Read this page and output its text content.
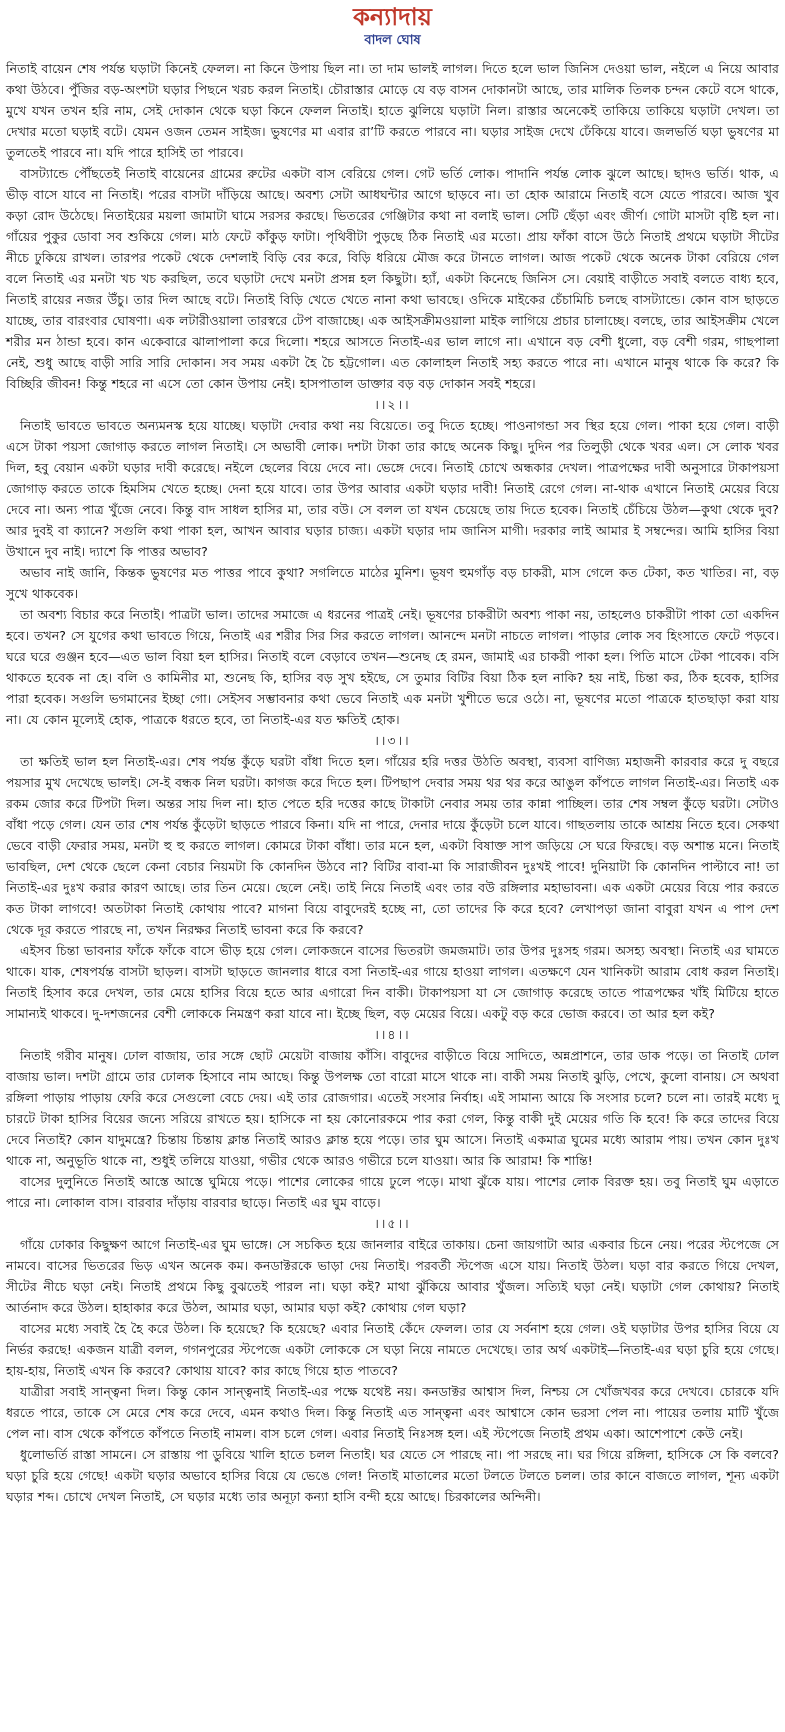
কন্যাদায়
বাদল ঘোষ

নিতাই বায়েন শেষ পর্যন্ত ঘড়াটা কিনেই ফেলল। না কিনে উপায় ছিল না। তা দাম ভালই লাগল। দিতে হলে ভাল জিনিস দেওয়া ভাল, নইলে এ নিয়ে আবার কথা উঠবে। পুঁজির বড়-অংশটা ঘড়ার পিছনে খরচ করল নিতাই। চৌরাস্তার মোড়ে যে বড় বাসন দোকানটা আছে, তার মালিক তিলক চন্দন কেটে বসে থাকে, মুখে যখন তখন হরি নাম, সেই দোকান থেকে ঘড়া কিনে ফেলল নিতাই। হাতে ঝুলিয়ে ঘড়াটা নিল। রাস্তার অনেকেই তাকিয়ে তাকিয়ে ঘড়াটা দেখল। তা দেখার মতো ঘড়াই বটে। যেমন ওজন তেমন সাইজ। ভুষণের মা এবার রা’টি করতে পারবে না। ঘড়ার সাইজ দেখে ঢেঁকিয়ে যাবে। জলভর্তি ঘড়া ভুষণের মা তুলতেই পারবে না। যদি পারে হাসিই তা পারবে।

বাসট্যান্ডে পৌঁছতেই নিতাই বায়েনের গ্রামের রুটের একটা বাস বেরিয়ে গেল। গেট ভর্তি লোক। পাদানি পর্যন্ত লোক ঝুলে আছে। ছাদও ভর্তি। থাক, এ ভীড় বাসে যাবে না নিতাই। পরের বাসটা দাঁড়িয়ে আছে। অবশ্য সেটা আধঘন্টার আগে ছাড়বে না। তা হোক আরামে নিতাই বসে যেতে পারবে। আজ খুব কড়া রোদ উঠেছে। নিতাইয়ের ময়লা জামাটা ঘামে সরসর করছে। ভিতরের গেঞ্জিটার কথা না বলাই ভাল। সেটি ছেঁড়া এবং জীর্ণ। গোটা মাসটা বৃষ্টি হল না। গাঁয়ের পুকুর ডোবা সব শুকিয়ে গেল। মাঠ ফেটে কাঁকুড় ফাটা। পৃথিবীটা পুড়ছে ঠিক নিতাই এর মতো। প্রায় ফাঁকা বাসে উঠে নিতাই প্রথমে ঘড়াটা সীটের নীচে ঢুকিয়ে রাখল। তারপর পকেট থেকে দেশলাই বিড়ি বের করে, বিড়ি ধরিয়ে মৌজ করে টানতে লাগল। আজ পকেট থেকে অনেক টাকা বেরিয়ে গেল বলে নিতাই এর মনটা খচ খচ করছিল, তবে ঘড়াটা দেখে মনটা প্রসন্ন হল কিছুটা। হ্যাঁ, একটা কিনেছে জিনিস সে। বেয়াই বাড়ীতে সবাই বলতে বাধ্য হবে, নিতাই রায়ের নজর উঁচু। তার দিল আছে বটে। নিতাই বিড়ি খেতে খেতে নানা কথা ভাবছে। ওদিকে মাইকের চেঁচামিচি চলছে বাসট্যান্ডে। কোন বাস ছাড়তে যাচ্ছে, তার বারংবার ঘোষণা। এক লটারীওয়ালা তারস্বরে টেপ বাজাচ্ছে। এক আইসক্রীমওয়ালা মাইক লাগিয়ে প্রচার চালাচ্ছে। বলছে, তার আইসক্রীম খেলে শরীর মন ঠান্ডা হবে। কান একেবারে ঝালাপালা করে দিলো। শহরে আসতে নিতাই-এর ভাল লাগে না। এখানে বড় বেশী ধুলো, বড় বেশী গরম, গাছপালা নেই, শুধু আছে বাড়ী সারি সারি দোকান। সব সময় একটা হৈ চৈ হট্টগোল। এত কোলাহল নিতাই সহ্য করতে পারে না। এখানে মানুষ থাকে কি করে? কি বিচ্ছিরি জীবন! কিন্তু শহরে না এসে তো কোন উপায় নেই। হাসপাতাল ডাক্তার বড় বড় দোকান সবই শহরে।

।।২।।

নিতাই ভাবতে ভাবতে অন্যমনস্ক হয়ে যাচ্ছে। ঘড়াটা দেবার কথা নয় বিয়েতে। তবু দিতে হচ্ছে। পাওনাগন্ডা সব স্থির হয়ে গেল। পাকা হয়ে গেল। বাড়ী এসে টাকা পয়সা জোগাড় করতে লাগল নিতাই। সে অভাবী লোক। দশটা টাকা তার কাছে অনেক কিছু। দুদিন পর তিলুড়ী থেকে খবর এল। সে লোক খবর দিল, হবু বেয়ান একটা ঘড়ার দাবী করেছে। নইলে ছেলের বিয়ে দেবে না। ভেঙ্গে দেবে। নিতাই চোখে অন্ধকার দেখল। পাত্রপক্ষের দাবী অনুসারে টাকাপয়সা জোগাড় করতে তাকে হিমসিম খেতে হচ্ছে। দেনা হয়ে যাবে। তার উপর আবার একটা ঘড়ার দাবী! নিতাই রেগে গেল। না-থাক এখানে নিতাই মেয়ের বিয়ে দেবে না। অন্য পাত্র খুঁজে নেবে। কিন্তু বাদ সাধল হাসির মা, তার বউ। সে বলল তা যখন চেয়েছে তায় দিতে হবেক। নিতাই চেঁচিয়ে উঠল—কুথা থেকে দুব? আর দুবই বা ক্যানে? সগুলি কথা পাকা হল, আখন আবার ঘড়ার চাজ্য। একটা ঘড়ার দাম জানিস মাগী। দরকার লাই আমার ই সম্বন্দের। আমি হাসির বিয়া উখানে দুব নাই। দ্যাশে কি পাত্তর অভাব?

অভাব নাই জানি, কিন্তক ভুষণের মত পাত্তর পাবে কুথা? সগলিতে মাঠের মুনিশ। ভূষণ হুমগাঁড় বড় চাকরী, মাস গেলে কত টেকা, কত খাতির। না, বড় সুখে থাকবেক।

তা অবশ্য বিচার করে নিতাই। পাত্রটা ভাল। তাদের সমাজে এ ধরনের পাত্রই নেই। ভূষণের চাকরীটা অবশ্য পাকা নয়, তাহলেও চাকরীটা পাকা তো একদিন হবে। তখন? সে যুগের কথা ভাবতে গিয়ে, নিতাই এর শরীর সির সির করতে লাগল। আনন্দে মনটা নাচতে লাগল। পাড়ার লোক সব হিংসাতে ফেটে পড়বে। ঘরে ঘরে গুঞ্জন হবে—এত ভাল বিয়া হল হাসির। নিতাই বলে বেড়াবে তখন—শুনেছ হে রমন, জামাই এর চাকরী পাকা হল। পিতি মাসে টেকা পাবেক। বসি থাকতে হবেক না হে। বলি ও কামিনীর মা, শুনেছ কি, হাসির বড় সুখ হইছে, সে তুমার বিটির বিয়া ঠিক হল নাকি? হয় নাই, চিন্তা কর, ঠিক হবেক, হাসির পারা হবেক। সগুলি ভগমানের ইচ্ছা গো। সেইসব সম্ভাবনার কথা ভেবে নিতাই এক মনটা খুশীতে ভরে ওঠে। না, ভূষণের মতো পাত্রকে হাতছাড়া করা যায় না। যে কোন মূল্যেই হোক, পাত্রকে ধরতে হবে, তা নিতাই-এর যত ক্ষতিই হোক।

।।৩।।

তা ক্ষতিই ভাল হল নিতাই-এর। শেষ পর্যন্ত কুঁড়ে ঘরটা বাঁধা দিতে হল। গাঁয়ের হরি দত্তর উঠতি অবস্থা, ব্যবসা বাণিজ্য মহাজনী কারবার করে দু বছরে পয়সার মুখ দেখেছে ভালই। সে-ই বন্ধক নিল ঘরটা। কাগজ করে দিতে হল। টিপছাপ দেবার সময় থর থর করে আঙুল কাঁপতে লাগল নিতাই-এর। নিতাই এক রকম জোর করে টিপটা দিল। অন্তর সায় দিল না। হাত পেতে হরি দত্তের কাছে টাকাটা নেবার সময় তার কান্না পাচ্ছিল। তার শেষ সম্বল কুঁড়ে ঘরটা। সেটাও বাঁধা পড়ে গেল। যেন তার শেষ পর্যন্ত কুঁড়েটা ছাড়তে পারবে কিনা। যদি না পারে, দেনার দায়ে কুঁড়েটা চলে যাবে। গাছতলায় তাকে আশ্রয় নিতে হবে। সেকথা ভেবে বাড়ী ফেরার সময়, মনটা হু হু করতে লাগল। কোমরে টাকা বাঁধা। তার মনে হল, একটা বিষাক্ত সাপ জড়িয়ে সে ঘরে ফিরছে। বড় অশান্ত মনে। নিতাই ভাবছিল, দেশ থেকে ছেলে কেনা বেচার নিয়মটা কি কোনদিন উঠবে না? বিটির বাবা-মা কি সারাজীবন দুঃখই পাবে! দুনিয়াটা কি কোনদিন পাল্টাবে না! তা নিতাই-এর দুঃখ করার কারণ আছে। তার তিন মেয়ে। ছেলে নেই। তাই নিয়ে নিতাই এবং তার বউ রঙ্গিলার মহাভাবনা। এক একটা মেয়ের বিয়ে পার করতে কত টাকা লাগবে! অতটাকা নিতাই কোথায় পাবে? মাগনা বিয়ে বাবুদেরই হচ্ছে না, তো তাদের কি করে হবে? লেখাপড়া জানা বাবুরা যখন এ পাপ দেশ থেকে দূর করতে পারছে না, তখন নিরক্ষর নিতাই ভাবনা করে কি করবে?

এইসব চিন্তা ভাবনার ফাঁকে ফাঁকে বাসে ভীড় হয়ে গেল। লোকজনে বাসের ভিতরটা জমজমাট। তার উপর দুঃসহ গরম। অসহ্য অবস্থা। নিতাই এর ঘামতে থাকে। যাক, শেষপর্যন্ত বাসটা ছাড়ল। বাসটা ছাড়তে জানলার ধারে বসা নিতাই-এর গায়ে হাওয়া লাগল। এতক্ষণে যেন খানিকটা আরাম বোধ করল নিতাই। নিতাই হিসাব করে দেখল, তার মেয়ে হাসির বিয়ে হতে আর এগারো দিন বাকী। টাকাপয়সা যা সে জোগাড় করেছে তাতে পাত্রপক্ষের খাঁই মিটিয়ে হাতে সামান্যই থাকবে। দু-দশজনের বেশী লোককে নিমন্ত্রণ করা যাবে না। ইচ্ছে ছিল, বড় মেয়ের বিয়ে। একটু বড় করে ভোজ করবে। তা আর হল কই?

।।৪।।

নিতাই গরীব মানুষ। ঢোল বাজায়, তার সঙ্গে ছোট মেয়েটা বাজায় কাঁসি। বাবুদের বাড়ীতে বিয়ে সাদিতে, অন্নপ্রাশনে, তার ডাক পড়ে। তা নিতাই ঢোল বাজায় ভাল। দশটা গ্রামে তার ঢোলক হিসাবে নাম আছে। কিন্তু উপলক্ষ তো বারো মাসে থাকে না। বাকী সময় নিতাই ঝুড়ি, পেখে, কুলো বানায়। সে অথবা রঙ্গিলা পাড়ায় পাড়ায় ফেরি করে সেগুলো বেচে দেয়। এই তার রোজগার। এতেই সংসার নির্বাহ। এই সামান্য আয়ে কি সংসার চলে? চলে না। তারই মধ্যে দু চারটে টাকা হাসির বিয়ের জন্যে সরিয়ে রাখতে হয়। হাসিকে না হয় কোনোরকমে পার করা গেল, কিন্তু বাকী দুই মেয়ের গতি কি হবে! কি করে তাদের বিয়ে দেবে নিতাই? কোন যাদুমন্ত্রে? চিন্তায় চিন্তায় ক্লান্ত নিতাই আরও ক্লান্ত হয়ে পড়ে। তার ঘুম আসে। নিতাই একমাত্র ঘুমের মধ্যে আরাম পায়। তখন কোন দুঃখ থাকে না, অনুভূতি থাকে না, শুধুই তলিয়ে যাওয়া, গভীর থেকে আরও গভীরে চলে যাওয়া। আর কি আরাম! কি শান্তি!

বাসের দুলুনিতে নিতাই আস্তে আস্তে ঘুমিয়ে পড়ে। পাশের লোকের গায়ে ঢুলে পড়ে। মাথা ঝুঁকে যায়। পাশের লোক বিরক্ত হয়। তবু নিতাই ঘুম এড়াতে পারে না। লোকাল বাস। বারবার দাঁড়ায় বারবার ছাড়ে। নিতাই এর ঘুম বাড়ে।

।।৫।।

গাঁয়ে ঢোকার কিছুক্ষণ আগে নিতাই-এর ঘুম ভাঙ্গে। সে সচকিত হয়ে জানলার বাইরে তাকায়। চেনা জায়গাটা আর একবার চিনে নেয়। পরের স্টপেজে সে নামবে। বাসের ভিতরের ভিড় এখন অনেক কম। কনডাক্টরকে ভাড়া দেয় নিতাই। পরবর্তী স্টপেজ এসে যায়। নিতাই উঠল। ঘড়া বার করতে গিয়ে দেখল, সীটের নীচে ঘড়া নেই। নিতাই প্রথমে কিছু বুঝতেই পারল না। ঘড়া কই? মাথা ঝুঁকিয়ে আবার খুঁজল। সত্যিই ঘড়া নেই। ঘড়াটা গেল কোথায়? নিতাই আর্তনাদ করে উঠল। হাহাকার করে উঠল, আমার ঘড়া, আমার ঘড়া কই? কোথায় গেল ঘড়া?

বাসের মধ্যে সবাই হৈ হৈ করে উঠল। কি হয়েছে? কি হয়েছে? এবার নিতাই কেঁদে ফেলল। তার যে সর্বনাশ হয়ে গেল। ওই ঘড়াটার উপর হাসির বিয়ে যে নির্ভর করছে! একজন যাত্রী বলল, গগনপুরের স্টপেজে একটা লোককে সে ঘড়া নিয়ে নামতে দেখেছে। তার অর্থ একটাই—নিতাই-এর ঘড়া চুরি হয়ে গেছে। হায়-হায়, নিতাই এখন কি করবে? কোথায় যাবে? কার কাছে গিয়ে হাত পাতবে?

যাত্রীরা সবাই সান্ত্বনা দিল। কিন্তু কোন সান্ত্বনাই নিতাই-এর পক্ষে যথেষ্ট নয়। কনডাক্টর আশ্বাস দিল, নিশ্চয় সে খোঁজখবর করে দেখবে। চোরকে যদি ধরতে পারে, তাকে সে মেরে শেষ করে দেবে, এমন কথাও দিল। কিন্তু নিতাই এত সান্ত্বনা এবং আশ্বাসে কোন ভরসা পেল না। পায়ের তলায় মাটি খুঁজে পেল না। বাস থেকে কাঁপতে কাঁপতে নিতাই নামল। বাস চলে গেল। এবার নিতাই নিঃসঙ্গ হল। এই স্টপেজে নিতাই প্রথম একা। আশেপাশে কেউ নেই।

ধুলোভর্তি রাস্তা সামনে। সে রাস্তায় পা ডুবিয়ে খালি হাতে চলল নিতাই। ঘর যেতে সে পারছে না। পা সরছে না। ঘর গিয়ে রঙ্গিলা, হাসিকে সে কি বলবে? ঘড়া চুরি হয়ে গেছে! একটা ঘড়ার অভাবে হাসির বিয়ে যে ভেঙে গেল! নিতাই মাতালের মতো টলতে টলতে চলল। তার কানে বাজতে লাগল, শূন্য একটা ঘড়ার শব্দ। চোখে দেখল নিতাই, সে ঘড়ার মধ্যে তার অনূঢ়া কন্যা হাসি বন্দী হয়ে আছে। চিরকালের অন্দিনী।
